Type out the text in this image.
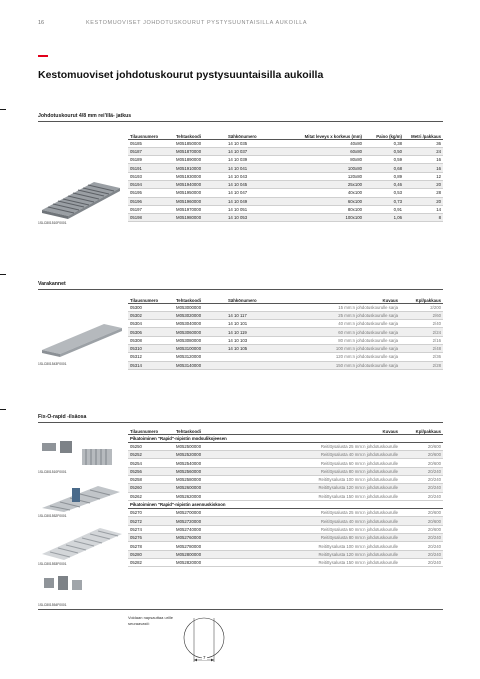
16	KESTOMUOVISET JOHDOTUSKOURUT PYSTYSUUNTAISILLA AUKOILLA
Kestomuoviset johdotuskourut pystysuuntaisilla aukoilla
Johdotuskourut 4/8 mm rei'illä- jatkus
1SLC801510F0001
Tilausnumero	Tehtaskoodi	Sähkönumero	Mitat leveys x korkeus (mm)	Paino (kg/m)	Metri /pakkaus
05185	M051850000	14 10 035	40x80	0,38	36
05187	M051870000	14 10 037	60x80	0,50	24
05189	M051890000	14 10 039	80x80	0,59	16
05191	M051910000	14 10 041	100x80	0,68	16
05193	M051930000	14 10 043	120x80	0,89	12
05194	M051940000	14 10 045	25x100	0,46	20
05195	M051950000	14 10 047	40x100	0,53	28
05196	M051960000	14 10 049	60x100	0,73	20
05197	M051970000	14 10 051	80x100	0,91	14
05198	M051980000	14 10 053	100x100	1,06	8
Varakannet
1SLC801543F0001
Tilausnumero	Tehtaskoodi	Sähkönumero	Kuvaus	Kpl/pakkaus
05300	M053000000		15 mm:n johdotuskourulle sarja	2/200
05302	M053020000	14 10 117	25 mm:n johdotuskourulle sarja	2/60
05304	M053040000	14 10 101	40 mm:n johdotuskourulle sarja	2/40
05306	M053060000	14 10 119	60 mm:n johdotuskourulle sarja	2/24
05308	M053080000	14 10 103	80 mm:n johdotuskourulle sarja	2/16
05310	M053100000	14 10 105	100 mm:n johdotuskourulle sarja	2/48
05312	M053120000		120 mm:n johdotuskourulle sarja	2/36
05314	M053140000		150 mm:n johdotuskourulle sarja	2/28
Fix-O-rapid -ilsäosa
1SLC801510F0001
1SLC801552F0001
1SLC801553F0001
1SLC801554F0001
Tilausnumero	Tehtaskoodi	Kuvaus	Kpl/pakkaus
Pikatoiminen "Rapid"-nipistin modsulikojeesen			
05250	M052500000	Reitittysalusta 25 mm:n johdotuskourulle	20/600
05252	M052520000	Reitittysalusta 40 mm:n johdotuskourulle	20/600
05254	M052540000	Reitittysalusta 60 mm:n johdotuskourulle	20/600
05256	M052560000	Reitittysalusta 80 mm:n johdotuskourulle	20/240
05258	M052580000	Reitittysalusta 100 mm:n johdotuskourulle	20/240
05260	M052600000	Reitittysalusta 120 mm:n johdotuskourulle	20/240
05262	M052620000	Reitittysalusta 150 mm:n johdotuskourulle	20/240
Pikatoiminen "Rapid"-nipistin asennuskiskoon			
05270	M052700000	Reitittysalusta 25 mm:n johdotuskourulle	20/600
05272	M052720000	Reitittysalusta 40 mm:n johdotuskourulle	20/600
05274	M052740000	Reitittysalusta 60 mm:n johdotuskourulle	20/600
05276	M052760000	Reitittysalusta 80 mm:n johdotuskourulle	20/240
05278	M052780000	Reitittysalusta 100 mm:n johdotuskourulle	20/240
05280	M052800000	Reitittysalusta 120 mm:n johdotuskourulle	20/240
05282	M052820000	Reitittysalusta 150 mm:n johdotuskourulle	20/240
Voidaan napsauttaa urille seuraavasti:
7
